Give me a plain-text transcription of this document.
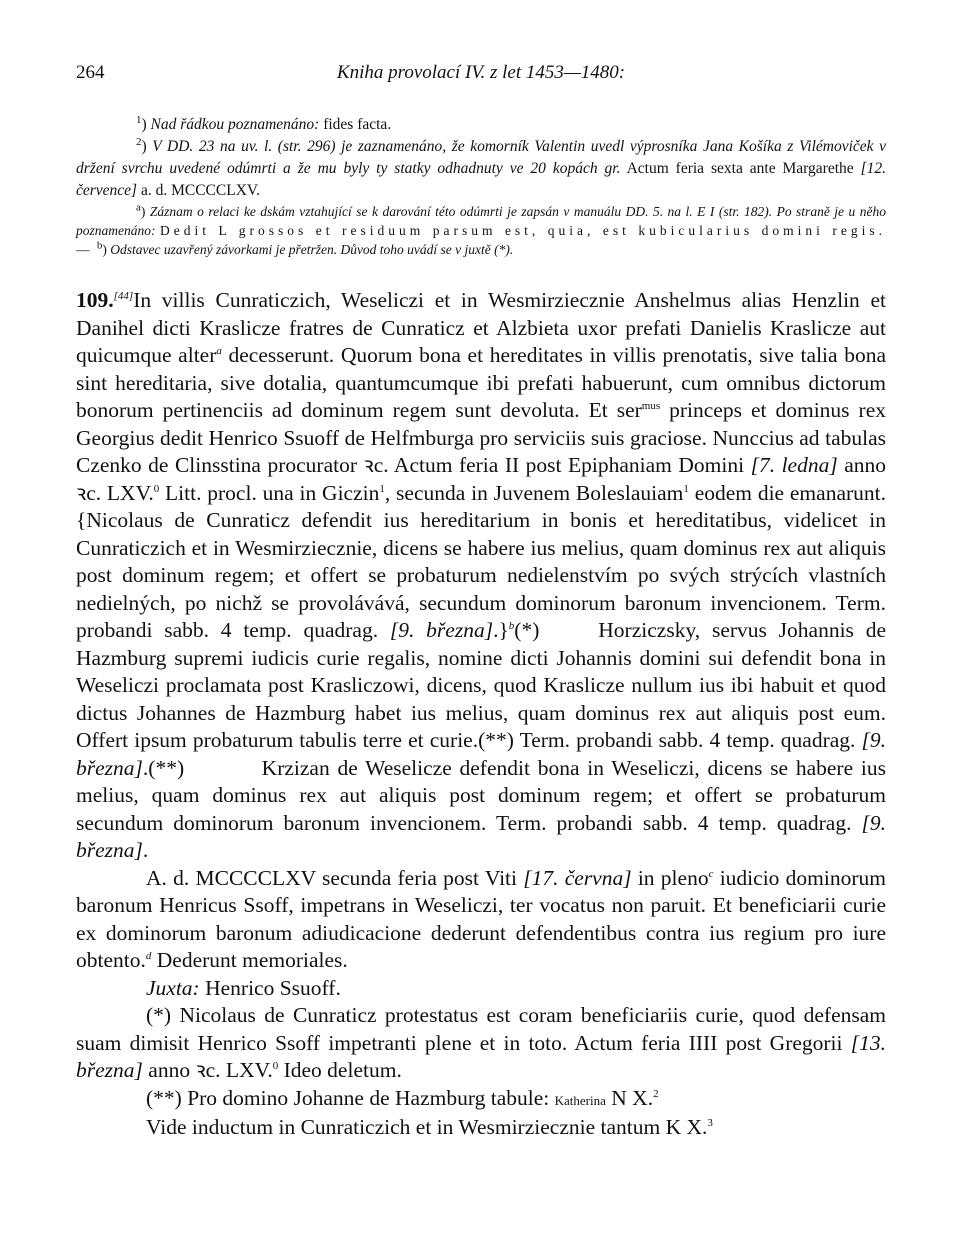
264	Kniha provolací IV. z let 1453—1480:

$^1$) Nad řádkou poznamenáno: fides facta.

$^2$) V DD. 23 na uv. l. (str. 296) je zaznamenáno, že komorník Valentin uvedl výprosníka Jana Košíka z Vilémoviček v držení svrchu uvedené odúmrti a že mu byly ty statky odhadnuty ve 20 kopách gr. Actum feria sexta ante Margarethe [12. července] a. d. MCCCCLXV.

$^a$) Záznam o relaci ke dskám vztahující se k darování této odúmrti je zapsán v manuálu DD. 5. na l. E I (str. 182). Po straně je u něho poznamenáno: Dedit L grossos et residuum parsum est, quia, est kubicularius domini regis.— $^b$) Odstavec uzavřený závorkami je přetržen. Důvod toho uvádí se v juxtě (*).

109.[44]In villis Cunraticzich, Weseliczi et in Wesmirziecznie Anshelmus alias Henzlin et Danihel dicti Kraslicze fratres de Cunraticz et Alzbieta uxor prefati Danielis Kraslicze aut quicumque alter$^a$ decesserunt. Quorum bona et hereditates in villis prenotatis, sive talia bona sint hereditaria, sive dotalia, quantumcumque ibi prefati habuerunt, cum omnibus dictorum bonorum pertinenciis ad dominum regem sunt devoluta. Et ser$^{mus}$ princeps et dominus rex Georgius dedit Henrico Ssuoff de Helfmburga pro serviciis suis graciose. Nunccius ad tabulas Czenko de Clinsstina procurator ꝛc. Actum feria II post Epiphaniam Domini [7. ledna] anno ꝛc. LXV.$^0$ Litt. procl. una in Giczin$^1$, secunda in Juvenem Boleslauiam$^1$ eodem die emanarunt.          {Nicolaus de Cunraticz defendit ius hereditarium in bonis et hereditatibus, videlicet in Cunraticzich et in Wesmirziecznie, dicens se habere ius melius, quam dominus rex aut aliquis post dominum regem; et offert se probaturum nedielenstvím po svých strýcích vlastních nedielných, po nichž se provolávává, secundum dominorum baronum invencionem. Term. probandi sabb. 4 temp. quadrag. [9. března].}$^b$(*)     Horziczsky, servus Johannis de Hazmburg supremi iudicis curie regalis, nomine dicti Johannis domini sui defendit bona in Weseliczi proclamata post Krasliczowi, dicens, quod Kraslicze nullum ius ibi habuit et quod dictus Johannes de Hazmburg habet ius melius, quam dominus rex aut aliquis post eum. Offert ipsum probaturum tabulis terre et curie.(**) Term. probandi sabb. 4 temp. quadrag. [9. března].(**)          Krzizan de Weselicze defendit bona in Weseliczi, dicens se habere ius melius, quam dominus rex aut aliquis post dominum regem; et offert se probaturum secundum dominorum baronum invencionem. Term. probandi sabb. 4 temp. quadrag. [9. března].

A. d. MCCCCLXV secunda feria post Viti [17. června] in pleno$^c$ iudicio dominorum baronum Henricus Ssoff, impetrans in Weseliczi, ter vocatus non paruit. Et beneficiarii curie ex dominorum baronum adiudicacione dederunt defendentibus contra ius regium pro iure obtento.$^d$ Dederunt memoriales.

Juxta: Henrico Ssuoff.

(*) Nicolaus de Cunraticz protestatus est coram beneficiariis curie, quod defensam suam dimisit Henrico Ssoff impetranti plene et in toto. Actum feria IIII post Gregorii [13. března] anno ꝛc. LXV.$^0$ Ideo deletum.

(**) Pro domino Johanne de Hazmburg tabule: Katherina N X.$^2$

Vide inductum in Cunraticzich et in Wesmirziecznie tantum K X.$^3$
